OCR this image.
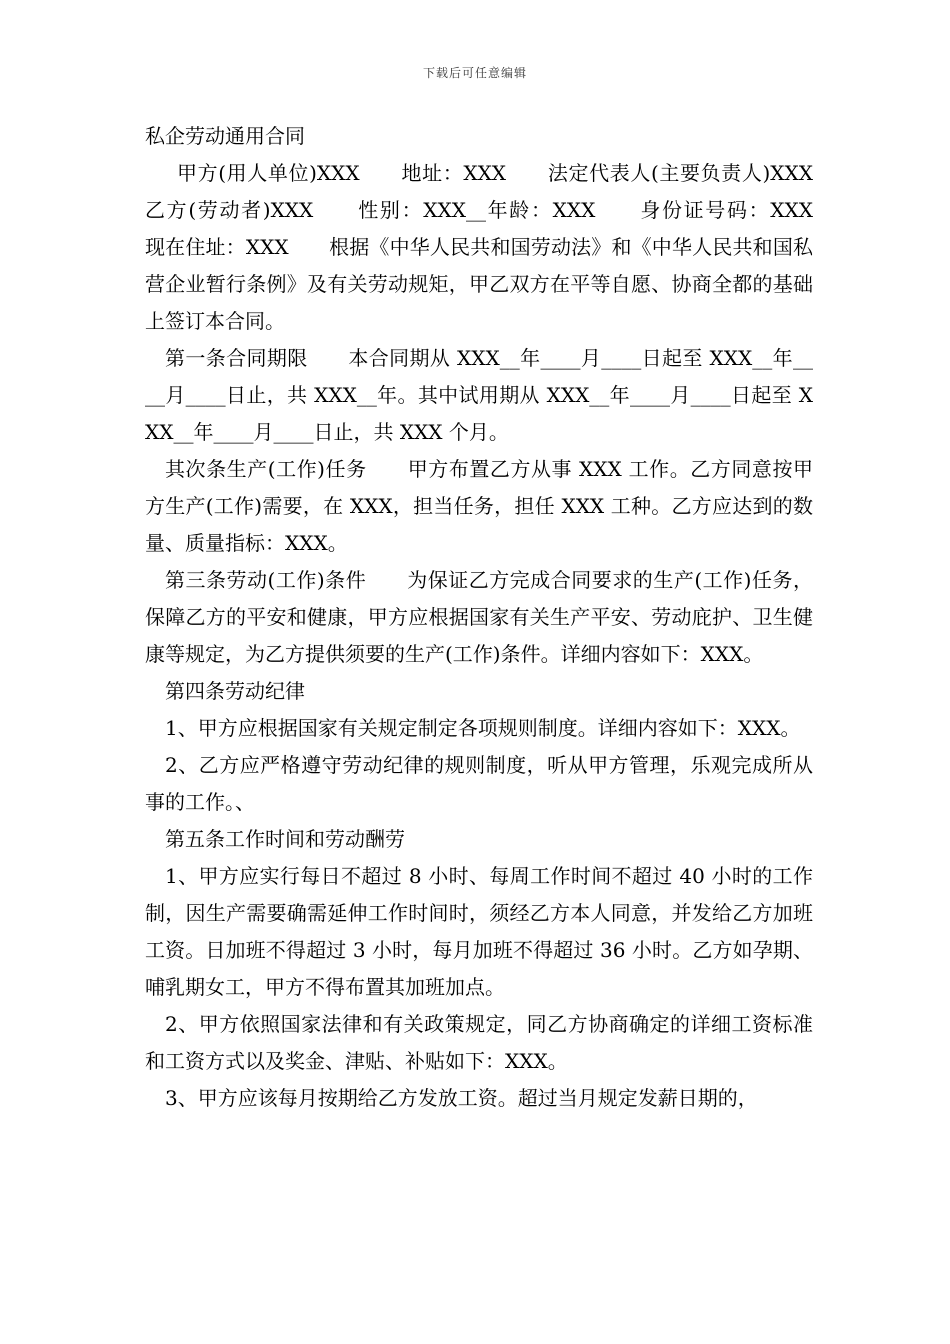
下载后可任意编辑
私企劳动通用合同

甲方(用人单位)XXX　　地址：XXX　　法定代表人(主要负责人)XXX　　乙方(劳动者)XXX　　性别：XXX__年龄：XXX　　身份证号码：XXX　　现在住址：XXX　　根据《中华人民共和国劳动法》和《中华人民共和国私营企业暂行条例》及有关劳动规矩，甲乙双方在平等自愿、协商全都的基础上签订本合同。

第一条合同期限　　本合同期从 XXX__年____月____日起至 XXX__年____月____日止，共 XXX__年。其中试用期从 XXX__年____月____日起至 XXX__年____月____日止，共 XXX 个月。

其次条生产(工作)任务　　甲方布置乙方从事 XXX 工作。乙方同意按甲方生产(工作)需要，在 XXX，担当任务，担任 XXX 工种。乙方应达到的数量、质量指标：XXX。

第三条劳动(工作)条件　　为保证乙方完成合同要求的生产(工作)任务，保障乙方的平安和健康，甲方应根据国家有关生产平安、劳动庇护、卫生健康等规定，为乙方提供须要的生产(工作)条件。详细内容如下：XXX。

第四条劳动纪律

1、甲方应根据国家有关规定制定各项规则制度。详细内容如下：XXX。

2、乙方应严格遵守劳动纪律的规则制度，听从甲方管理，乐观完成所从事的工作。、

第五条工作时间和劳动酬劳

1、甲方应实行每日不超过 8 小时、每周工作时间不超过 40 小时的工作制，因生产需要确需延伸工作时间时，须经乙方本人同意，并发给乙方加班工资。日加班不得超过 3 小时，每月加班不得超过 36 小时。乙方如孕期、哺乳期女工，甲方不得布置其加班加点。

2、甲方依照国家法律和有关政策规定，同乙方协商确定的详细工资标准和工资方式以及奖金、津贴、补贴如下：XXX。

3、甲方应该每月按期给乙方发放工资。超过当月规定发薪日期的，
